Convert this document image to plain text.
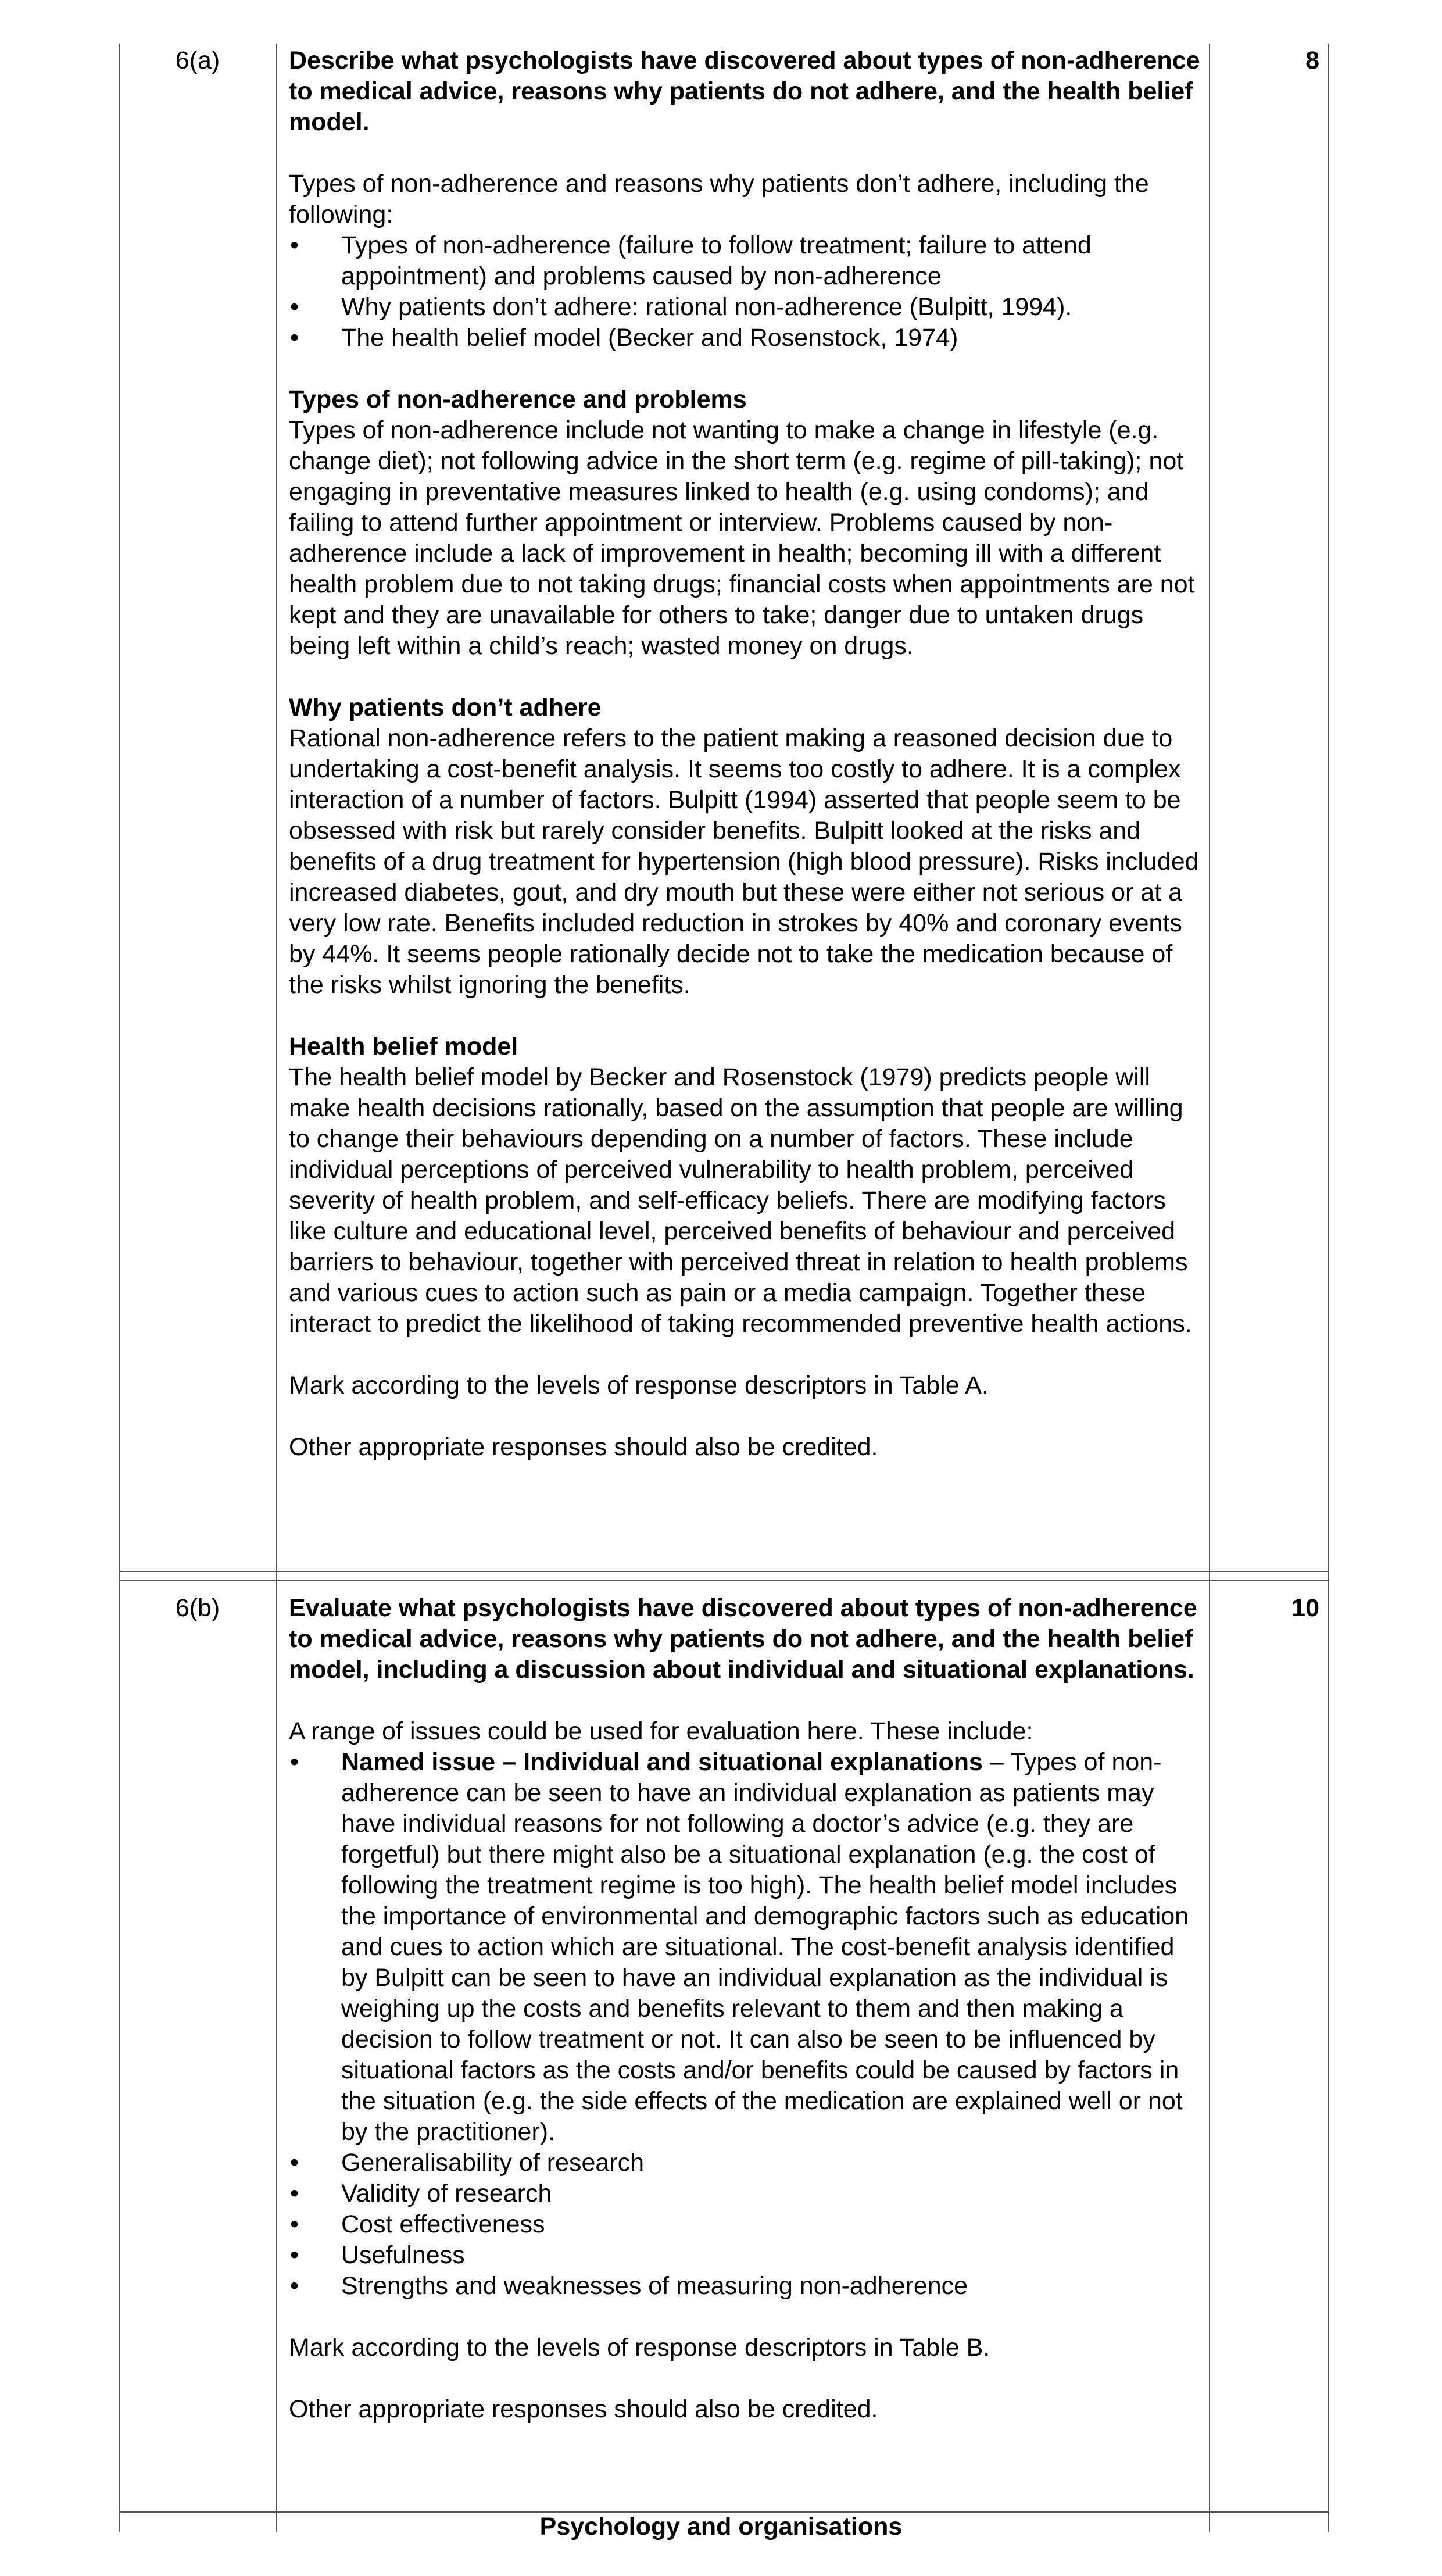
6(a)	8

Describe what psychologists have discovered about types of non-adherence to medical advice, reasons why patients do not adhere, and the health belief model.

Types of non-adherence and reasons why patients don’t adhere, including the following:

• Types of non-adherence (failure to follow treatment; failure to attend appointment) and problems caused by non-adherence
• Why patients don’t adhere: rational non-adherence (Bulpitt, 1994).
• The health belief model (Becker and Rosenstock, 1974)

Types of non-adherence and problems

Types of non-adherence include not wanting to make a change in lifestyle (e.g. change diet); not following advice in the short term (e.g. regime of pill-taking); not engaging in preventative measures linked to health (e.g. using condoms); and failing to attend further appointment or interview. Problems caused by non-adherence include a lack of improvement in health; becoming ill with a different health problem due to not taking drugs; financial costs when appointments are not kept and they are unavailable for others to take; danger due to untaken drugs being left within a child’s reach; wasted money on drugs.

Why patients don’t adhere

Rational non-adherence refers to the patient making a reasoned decision due to undertaking a cost-benefit analysis. It seems too costly to adhere. It is a complex interaction of a number of factors. Bulpitt (1994) asserted that people seem to be obsessed with risk but rarely consider benefits. Bulpitt looked at the risks and benefits of a drug treatment for hypertension (high blood pressure). Risks included increased diabetes, gout, and dry mouth but these were either not serious or at a very low rate. Benefits included reduction in strokes by 40% and coronary events by 44%. It seems people rationally decide not to take the medication because of the risks whilst ignoring the benefits.

Health belief model

The health belief model by Becker and Rosenstock (1979) predicts people will make health decisions rationally, based on the assumption that people are willing to change their behaviours depending on a number of factors. These include individual perceptions of perceived vulnerability to health problem, perceived severity of health problem, and self-efficacy beliefs. There are modifying factors like culture and educational level, perceived benefits of behaviour and perceived barriers to behaviour, together with perceived threat in relation to health problems and various cues to action such as pain or a media campaign. Together these interact to predict the likelihood of taking recommended preventive health actions.

Mark according to the levels of response descriptors in Table A.

Other appropriate responses should also be credited.

6(b)	10

Evaluate what psychologists have discovered about types of non-adherence to medical advice, reasons why patients do not adhere, and the health belief model, including a discussion about individual and situational explanations.

A range of issues could be used for evaluation here. These include:

• Named issue – Individual and situational explanations – Types of non-adherence can be seen to have an individual explanation as patients may have individual reasons for not following a doctor’s advice (e.g. they are forgetful) but there might also be a situational explanation (e.g. the cost of following the treatment regime is too high). The health belief model includes the importance of environmental and demographic factors such as education and cues to action which are situational. The cost-benefit analysis identified by Bulpitt can be seen to have an individual explanation as the individual is weighing up the costs and benefits relevant to them and then making a decision to follow treatment or not. It can also be seen to be influenced by situational factors as the costs and/or benefits could be caused by factors in the situation (e.g. the side effects of the medication are explained well or not by the practitioner).
• Generalisability of research
• Validity of research
• Cost effectiveness
• Usefulness
• Strengths and weaknesses of measuring non-adherence

Mark according to the levels of response descriptors in Table B.

Other appropriate responses should also be credited.

Psychology and organisations
